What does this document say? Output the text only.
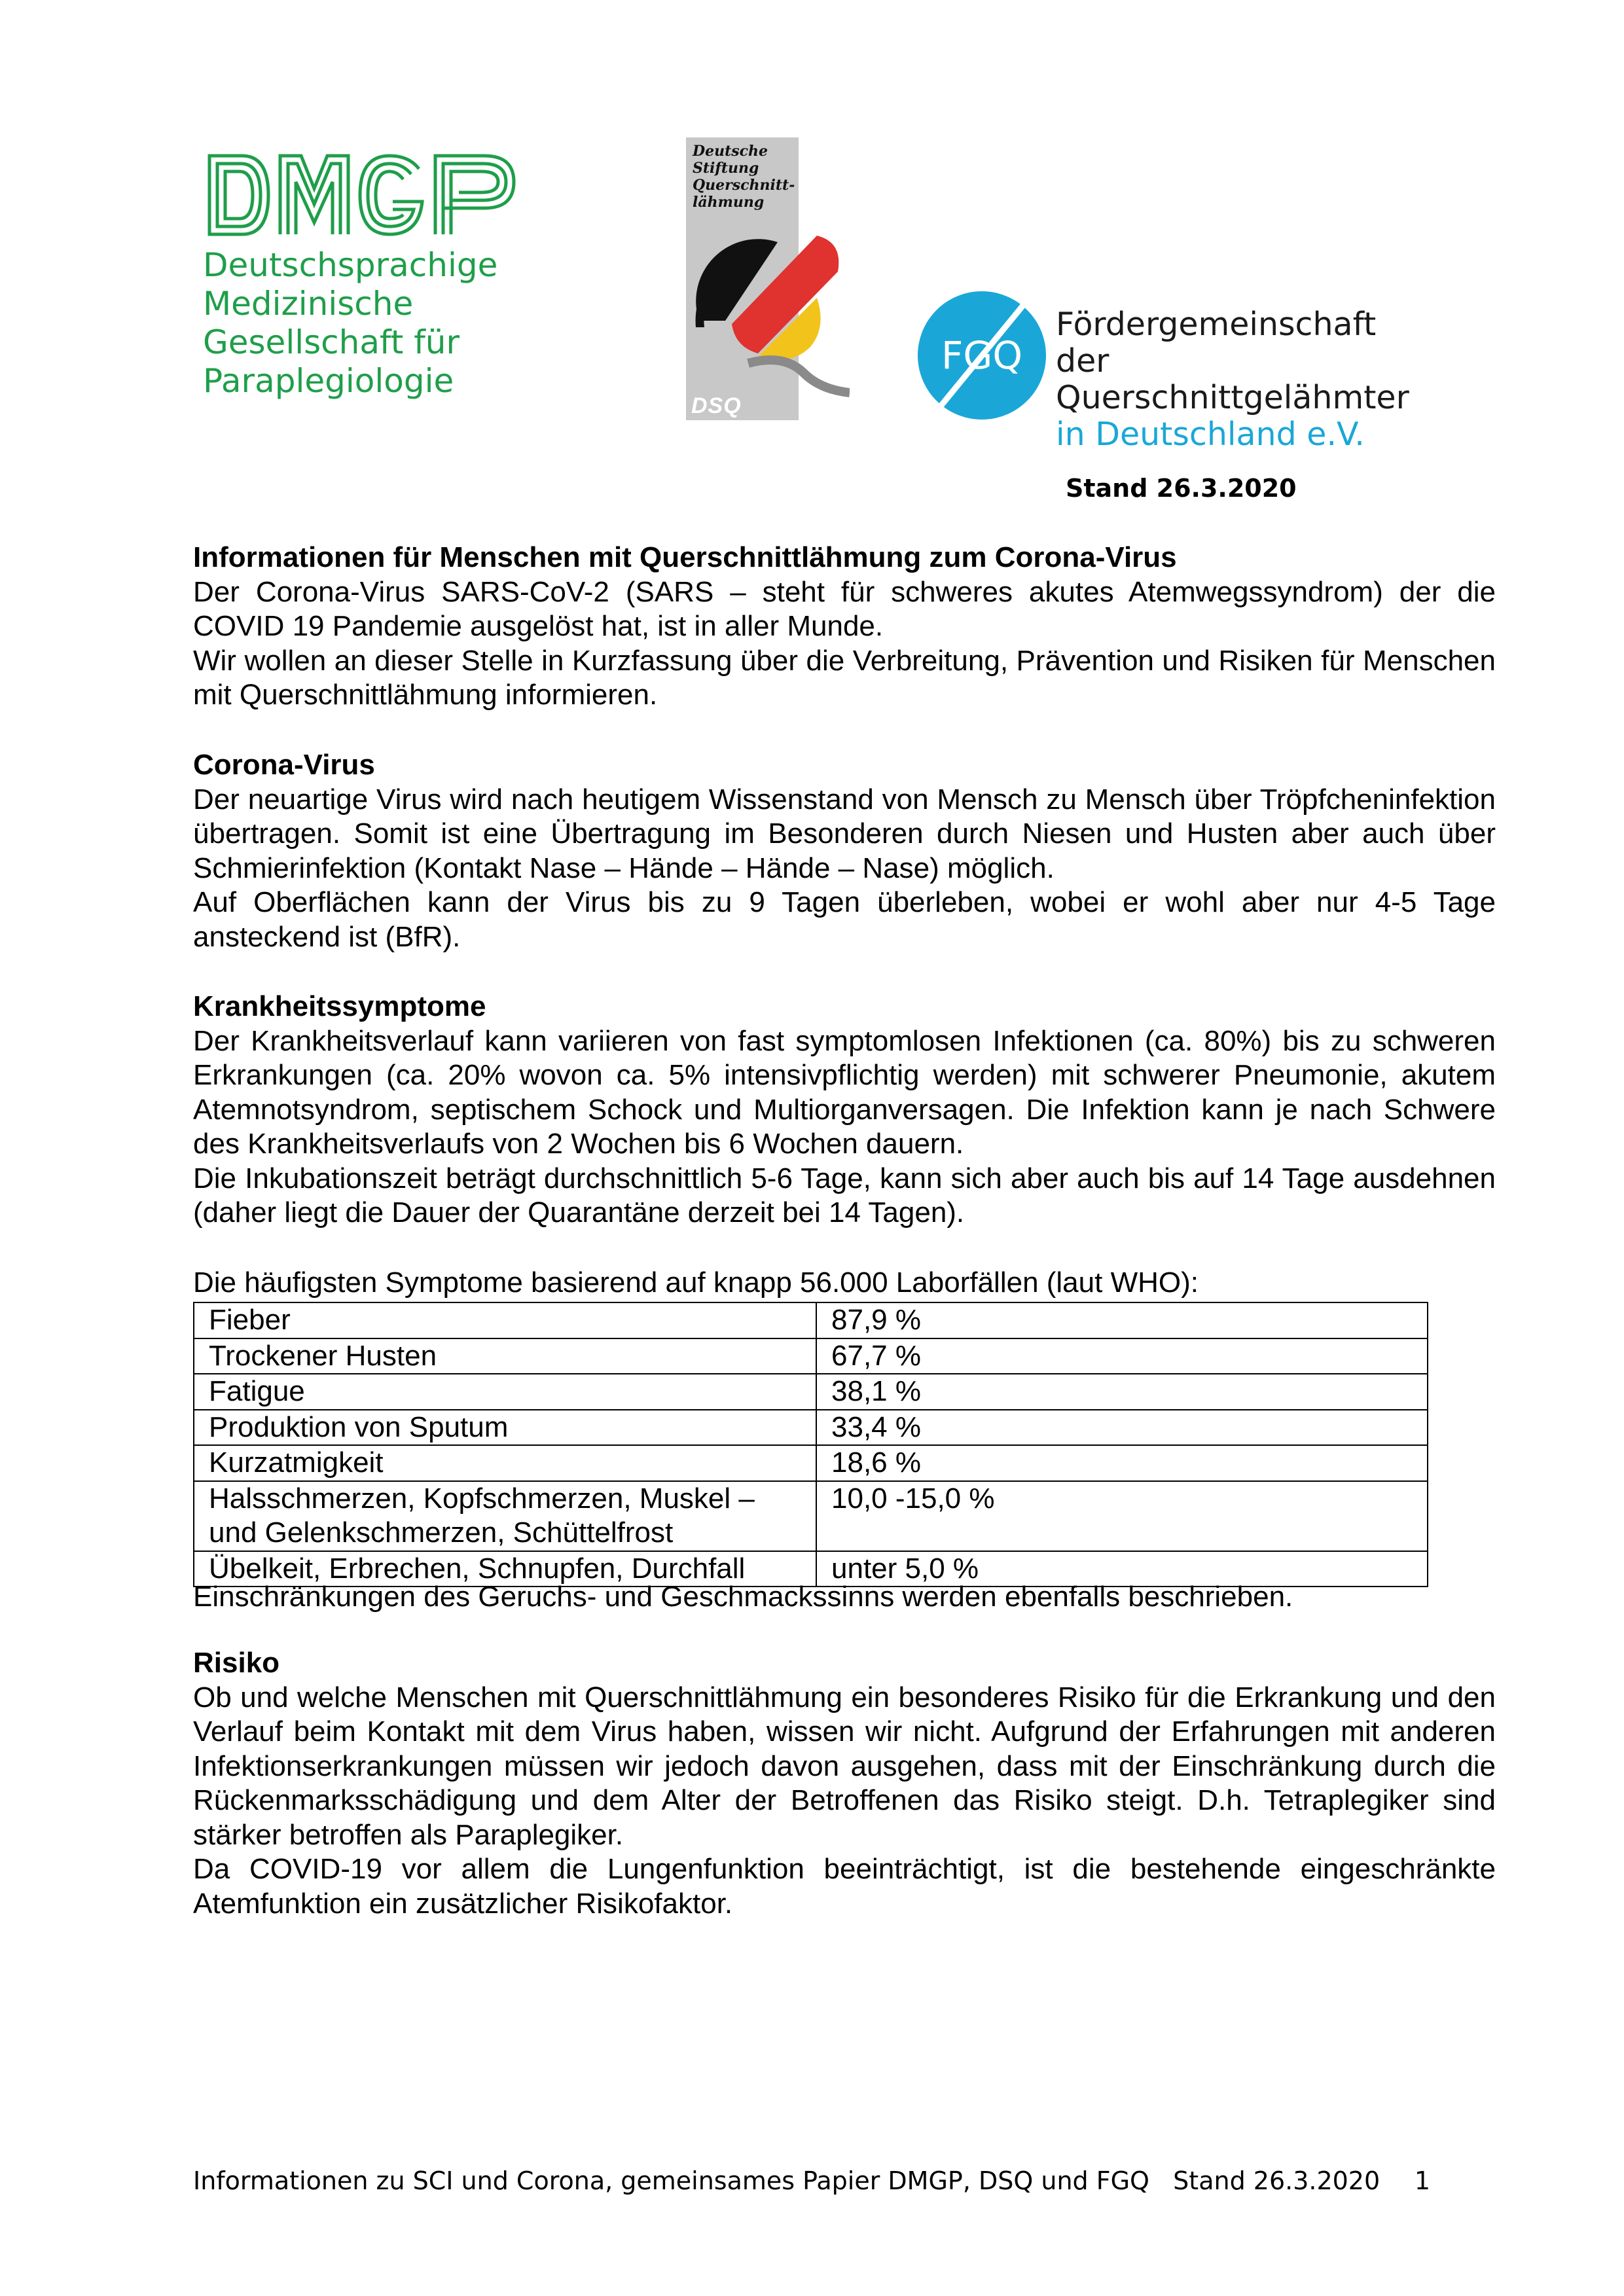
Deutschsprachige
Medizinische
Gesellschaft für
Paraplegiologie
Deutsche
Stiftung
Querschnitt-
lähmung
DSQ
FGQ
Fördergemeinschaft
der Querschnittgelähmter
in Deutschland e.V.
Stand 26.3.2020
Informationen für Menschen mit Querschnittlähmung zum Corona-Virus

Der Corona-Virus SARS-CoV-2 (SARS – steht für schweres akutes Atemwegssyndrom) der die COVID 19 Pandemie ausgelöst hat, ist in aller Munde.

Wir wollen an dieser Stelle in Kurzfassung über die Verbreitung, Prävention und Risiken für Menschen mit Querschnittlähmung informieren.

Corona-Virus

Der neuartige Virus wird nach heutigem Wissenstand von Mensch zu Mensch über Tröpfcheninfektion übertragen. Somit ist eine Übertragung im Besonderen durch Niesen und Husten aber auch über Schmierinfektion (Kontakt Nase – Hände – Hände – Nase) möglich.

Auf Oberflächen kann der Virus bis zu 9 Tagen überleben, wobei er wohl aber nur 4-5 Tage ansteckend ist (BfR).

Krankheitssymptome

Der Krankheitsverlauf kann variieren von fast symptomlosen Infektionen (ca. 80%) bis zu schweren Erkrankungen (ca. 20% wovon ca. 5% intensivpflichtig werden) mit schwerer Pneumonie, akutem Atemnotsyndrom, septischem Schock und Multiorganversagen. Die Infektion kann je nach Schwere des Krankheitsverlaufs von 2 Wochen bis 6 Wochen dauern.

Die Inkubationszeit beträgt durchschnittlich 5-6 Tage, kann sich aber auch bis auf 14 Tage ausdehnen (daher liegt die Dauer der Quarantäne derzeit bei 14 Tagen).

Die häufigsten Symptome basierend auf knapp 56.000 Laborfällen (laut WHO):

Fieber	87,9 %
Trockener Husten	67,7 %
Fatigue	38,1 %
Produktion von Sputum	33,4 %
Kurzatmigkeit	18,6 %
Halsschmerzen, Kopfschmerzen, Muskel – und Gelenkschmerzen, Schüttelfrost	10,0 -15,0 %
Übelkeit, Erbrechen, Schnupfen, Durchfall	unter 5,0 %

Einschränkungen des Geruchs- und Geschmackssinns werden ebenfalls beschrieben.

Risiko

Ob und welche Menschen mit Querschnittlähmung ein besonderes Risiko für die Erkrankung und den Verlauf beim Kontakt mit dem Virus haben, wissen wir nicht. Aufgrund der Erfahrungen mit anderen Infektionserkrankungen müssen wir jedoch davon ausgehen, dass mit der Einschränkung durch die Rückenmarksschädigung und dem Alter der Betroffenen das Risiko steigt. D.h. Tetraplegiker sind stärker betroffen als Paraplegiker.

Da COVID-19 vor allem die Lungenfunktion beeinträchtigt, ist die bestehende eingeschränkte Atemfunktion ein zusätzlicher Risikofaktor.

Informationen zu SCI und Corona, gemeinsames Papier DMGP, DSQ und FGQ   Stand 26.3.2020 1
